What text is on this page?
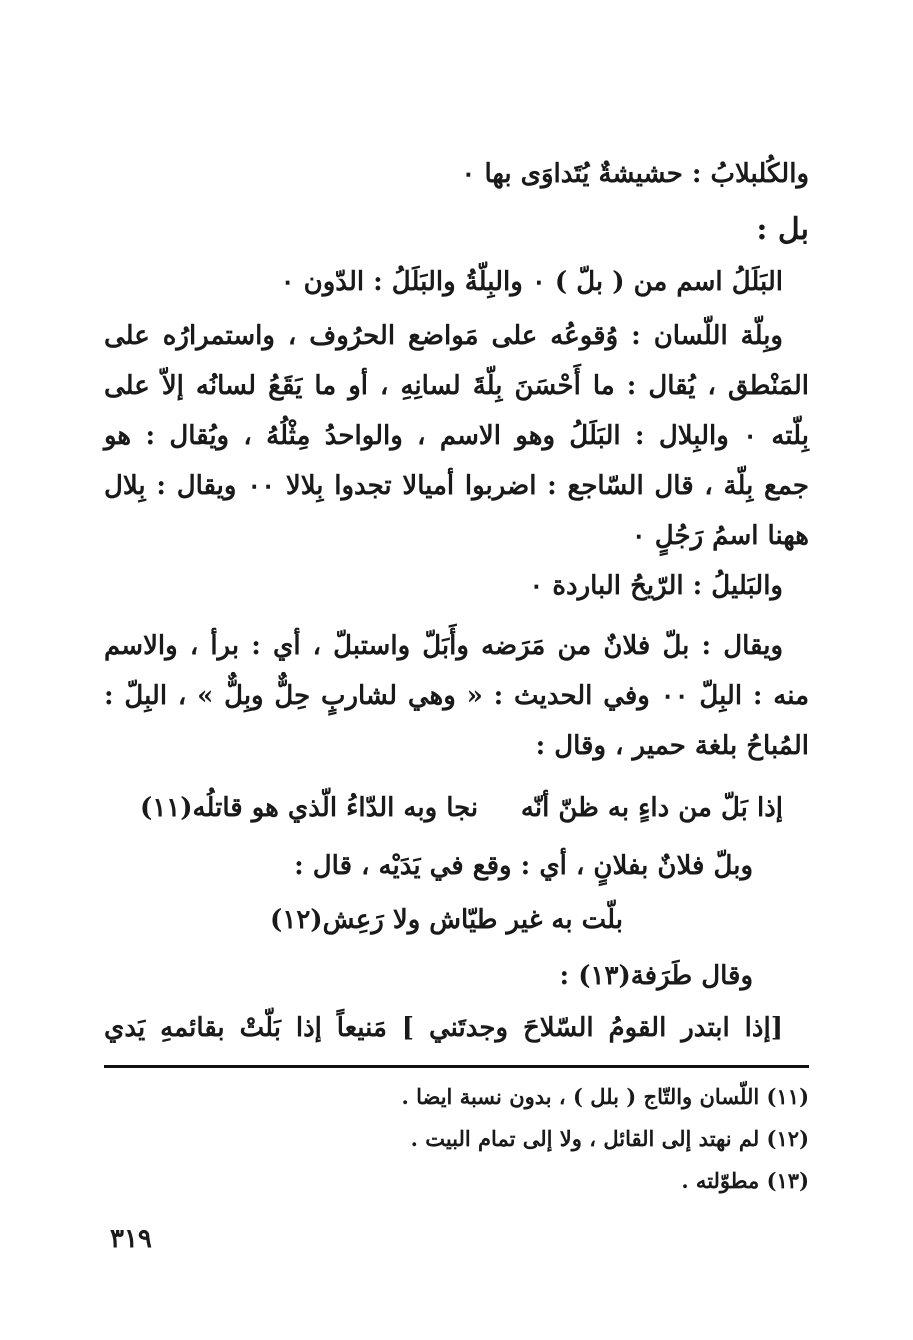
والكُلبلابُ : حشيشةٌ يُتَداوَى بها ٠

بل :

البَلَلُ اسم من ( بلّ ) ٠ والبِلّةُ والبَلَلُ : الدّون ٠

وبِلّة اللّسان : وُقوعُه على مَواضع الحرُوف ، واستمرارُه على

المَنْطق ، يُقال : ما أَحْسَنَ بِلّةَ لسانِهِ ، أو ما يَقَعُ لسانُه إلاّ على

بِلّته ٠ والبِلال : البَلَلُ وهو الاسم ، والواحدُ مِثْلُهُ ، ويُقال : هو

جمع بِلّة ، قال السّاجع : اضربوا أميالا تجدوا بِلالا ٠٠ ويقال : بِلال

ههنا اسمُ رَجُلٍ ٠

والبَليلُ : الرّيحُ الباردة ٠

ويقال : بلّ فلانٌ من مَرَضه وأَبَلّ واستبلّ ، أي : برأ ، والاسم

منه : البِلّ ٠٠ وفي الحديث : « وهي لشاربٍ حِلٌّ وبِلٌّ » ، البِلّ :

المُباحُ بلغة حمير ، وقال :

إذا بَلّ من داءٍ به ظنّ أنّه
نجا وبه الدّاءُ الّذي هو قاتلُه(١١)

وبلّ فلانٌ بفلانٍ ، أي : وقع في يَدَيْه ، قال :

بلّت به غير طيّاش ولا رَعِش(١٢)

وقال طَرَفة(١٣) :

[إذا ابتدر القومُ السّلاحَ وجدتَني ] مَنيعاً إذا بَلّتْ بقائمهِ يَدي

(١١) اللّسان والتّاج ( بلل ) ، بدون نسبة ايضا .
(١٢) لم نهتد إلى القائل ، ولا إلى تمام البيت .
(١٣) مطوّلته .
٣١٩
